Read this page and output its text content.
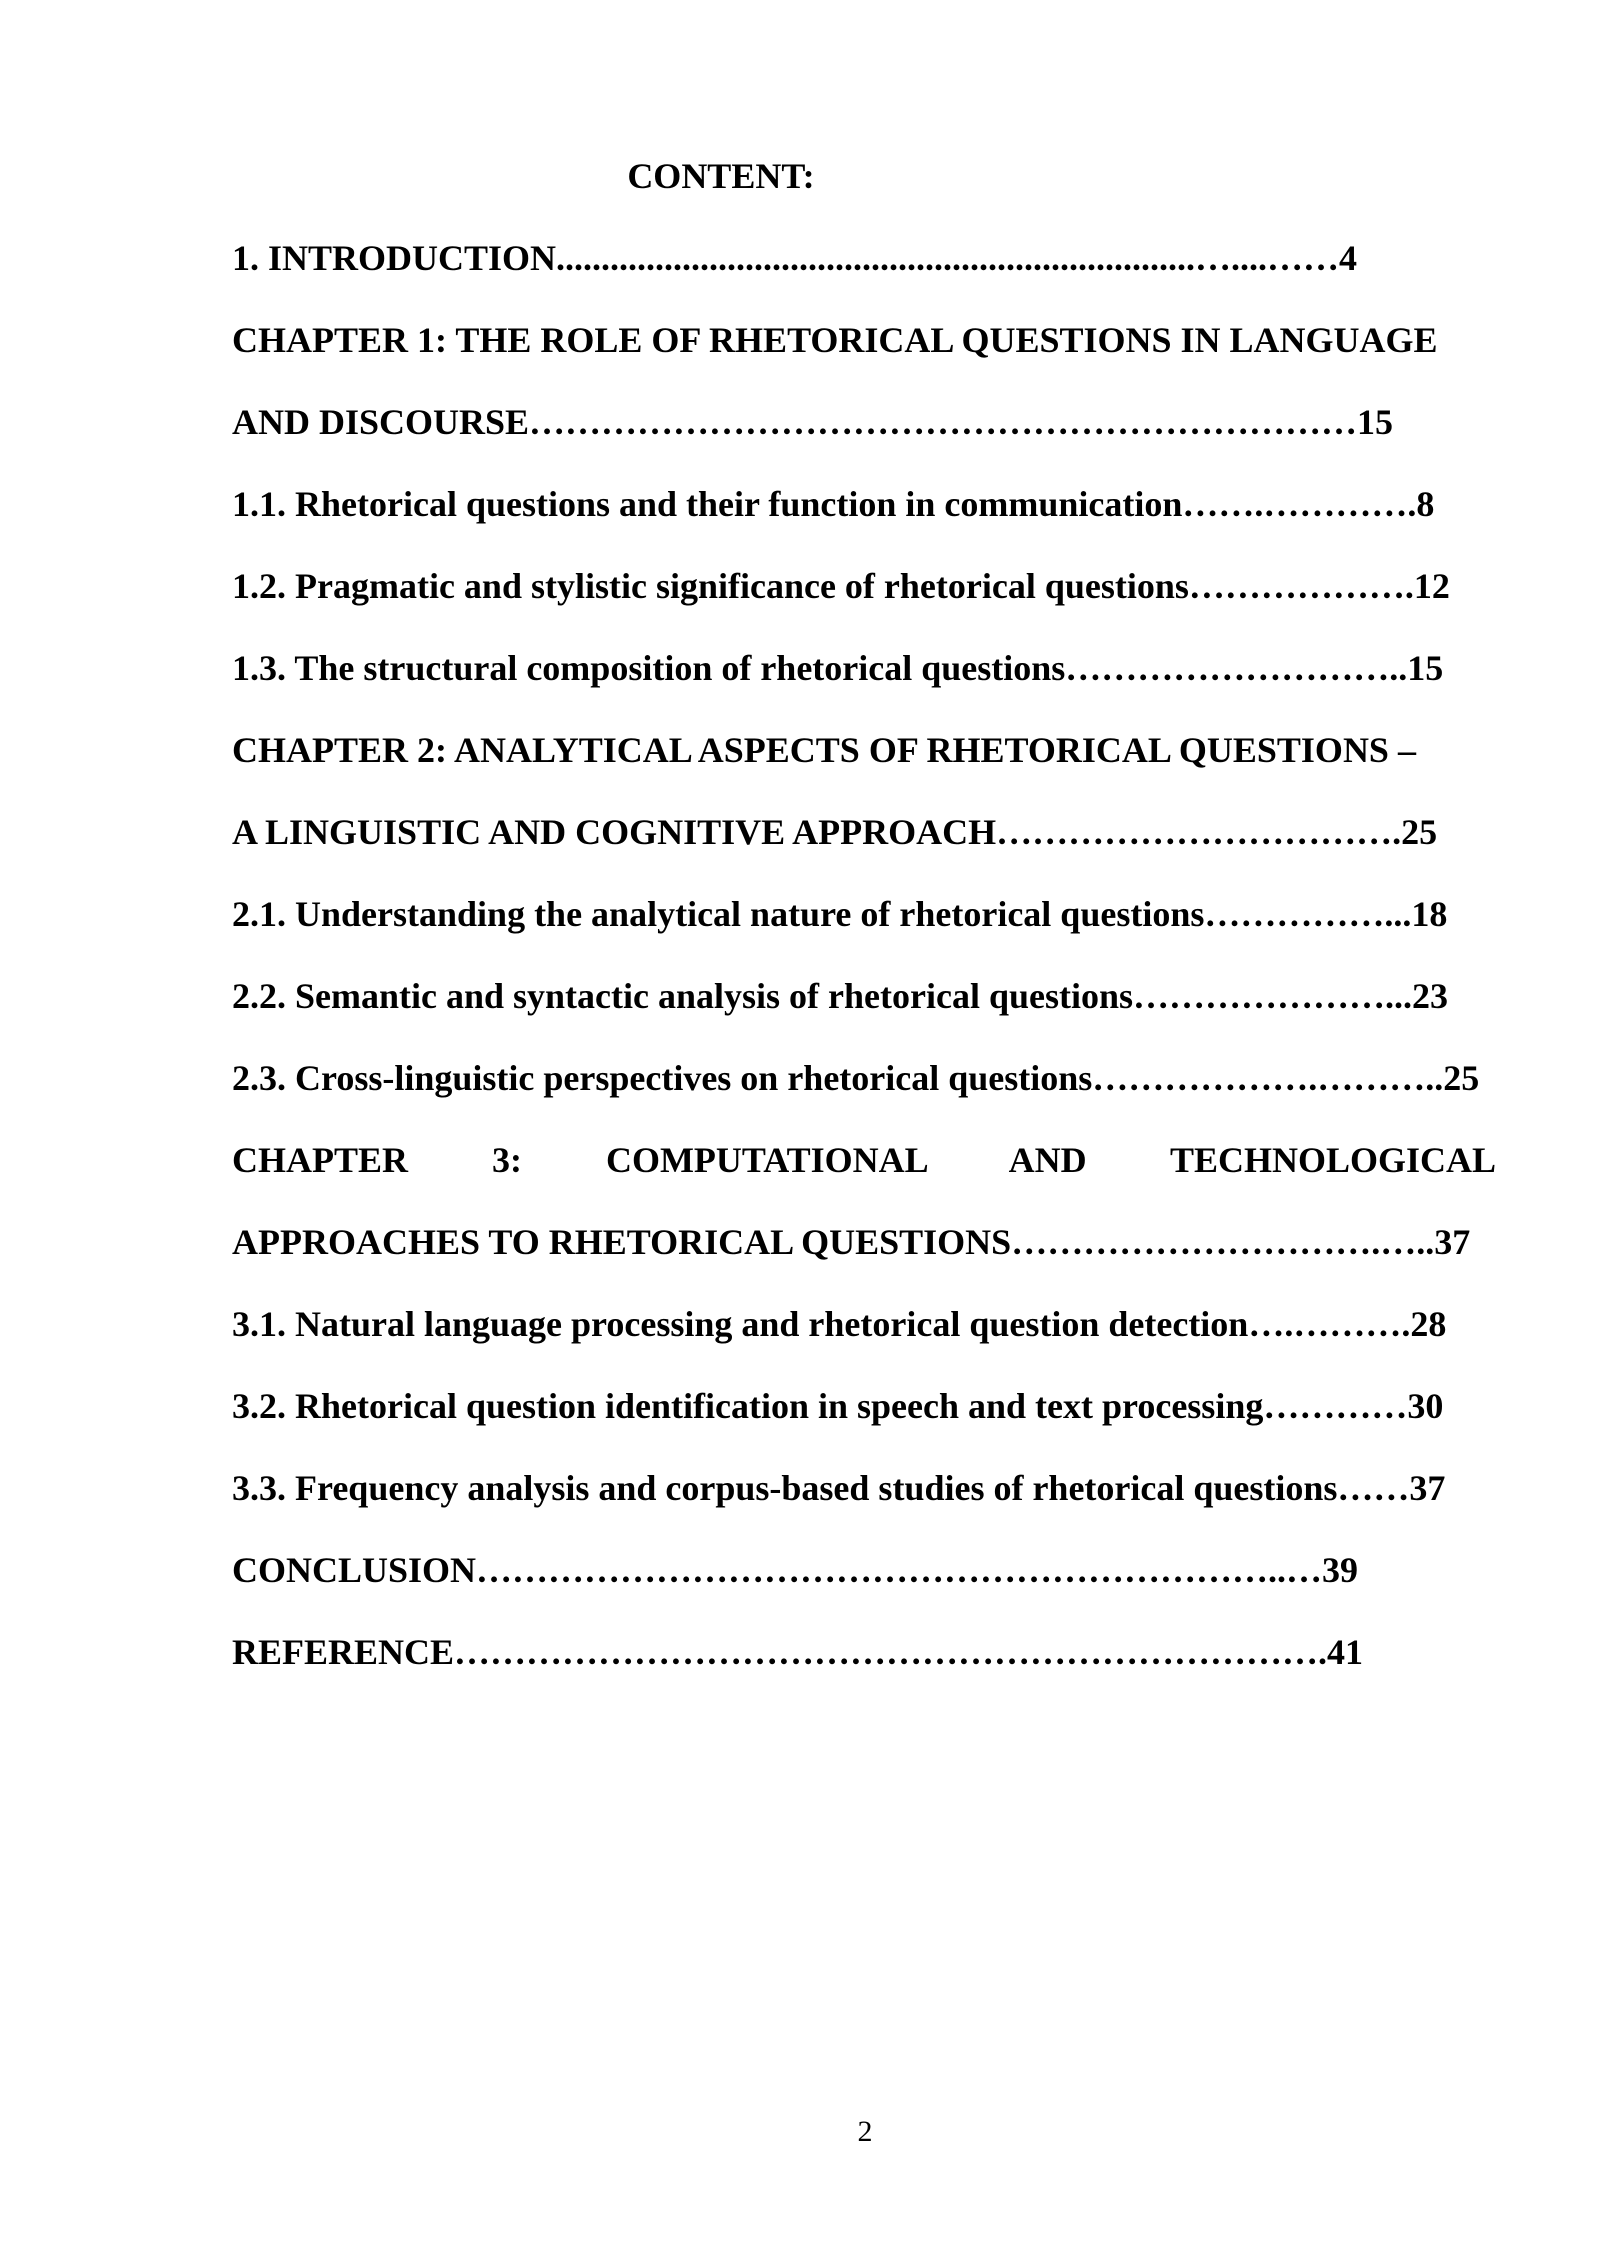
CONTENT:
1. INTRODUCTION.......................................................................…....……4
CHAPTER 1: THE ROLE OF RHETORICAL QUESTIONS IN LANGUAGE
AND DISCOURSE……………………………………………………………15
1.1. Rhetorical questions and their function in communication…….………….8
1.2. Pragmatic and stylistic significance of rhetorical questions……………….12
1.3. The structural composition of rhetorical questions………………………..15
CHAPTER 2: ANALYTICAL ASPECTS OF RHETORICAL QUESTIONS –
A LINGUISTIC AND COGNITIVE APPROACH…………………………….25
2.1. Understanding the analytical nature of rhetorical questions……………...18
2.2. Semantic and syntactic analysis of rhetorical questions…………………...23
2.3. Cross-linguistic perspectives on rhetorical questions……………….………..25
CHAPTER 3: COMPUTATIONAL AND TECHNOLOGICAL
APPROACHES TO RHETORICAL QUESTIONS………………………….…..37
3.1. Natural language processing and rhetorical question detection….……….28
3.2. Rhetorical question identification in speech and text processing…………30
3.3. Frequency analysis and corpus-based studies of rhetorical questions……37
CONCLUSION…………………………………………………………..…39
REFERENCE……………………………………………………………….41
2
